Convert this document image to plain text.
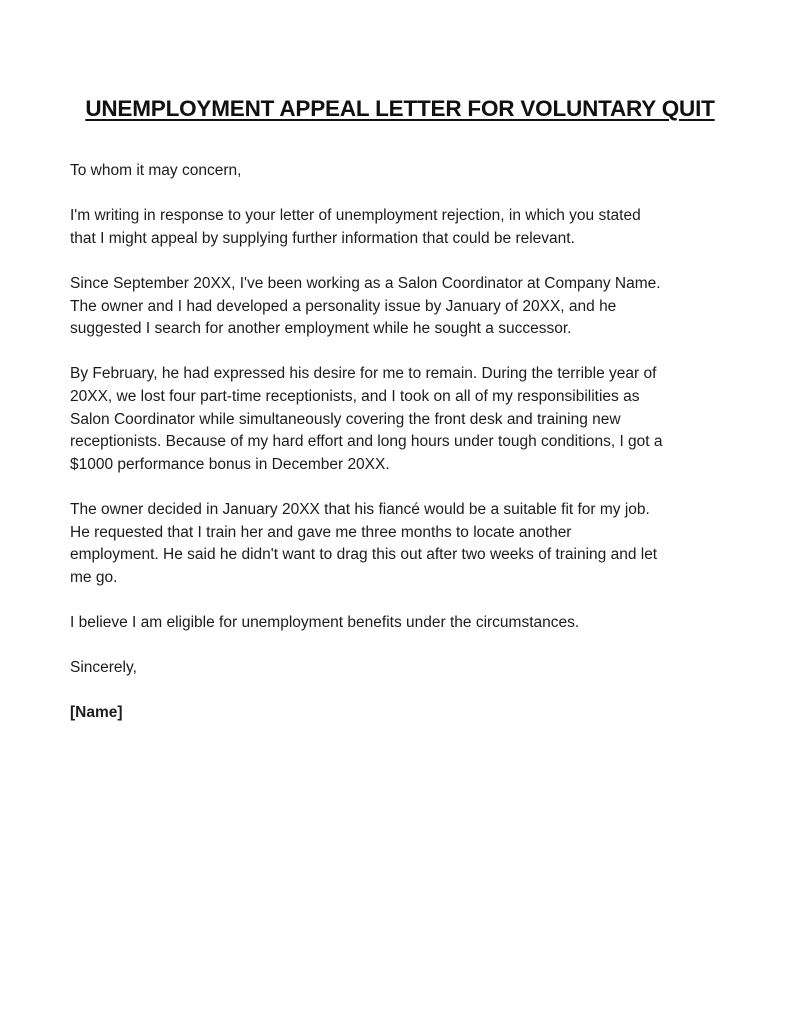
UNEMPLOYMENT APPEAL LETTER FOR VOLUNTARY QUIT

To whom it may concern,

I'm writing in response to your letter of unemployment rejection, in which you stated
that I might appeal by supplying further information that could be relevant.

Since September 20XX, I've been working as a Salon Coordinator at Company Name.
The owner and I had developed a personality issue by January of 20XX, and he
suggested I search for another employment while he sought a successor.

By February, he had expressed his desire for me to remain. During the terrible year of
20XX, we lost four part-time receptionists, and I took on all of my responsibilities as
Salon Coordinator while simultaneously covering the front desk and training new
receptionists. Because of my hard effort and long hours under tough conditions, I got a
$1000 performance bonus in December 20XX.

The owner decided in January 20XX that his fiancé would be a suitable fit for my job.
He requested that I train her and gave me three months to locate another
employment. He said he didn't want to drag this out after two weeks of training and let
me go.

I believe I am eligible for unemployment benefits under the circumstances.

Sincerely,

[Name]
